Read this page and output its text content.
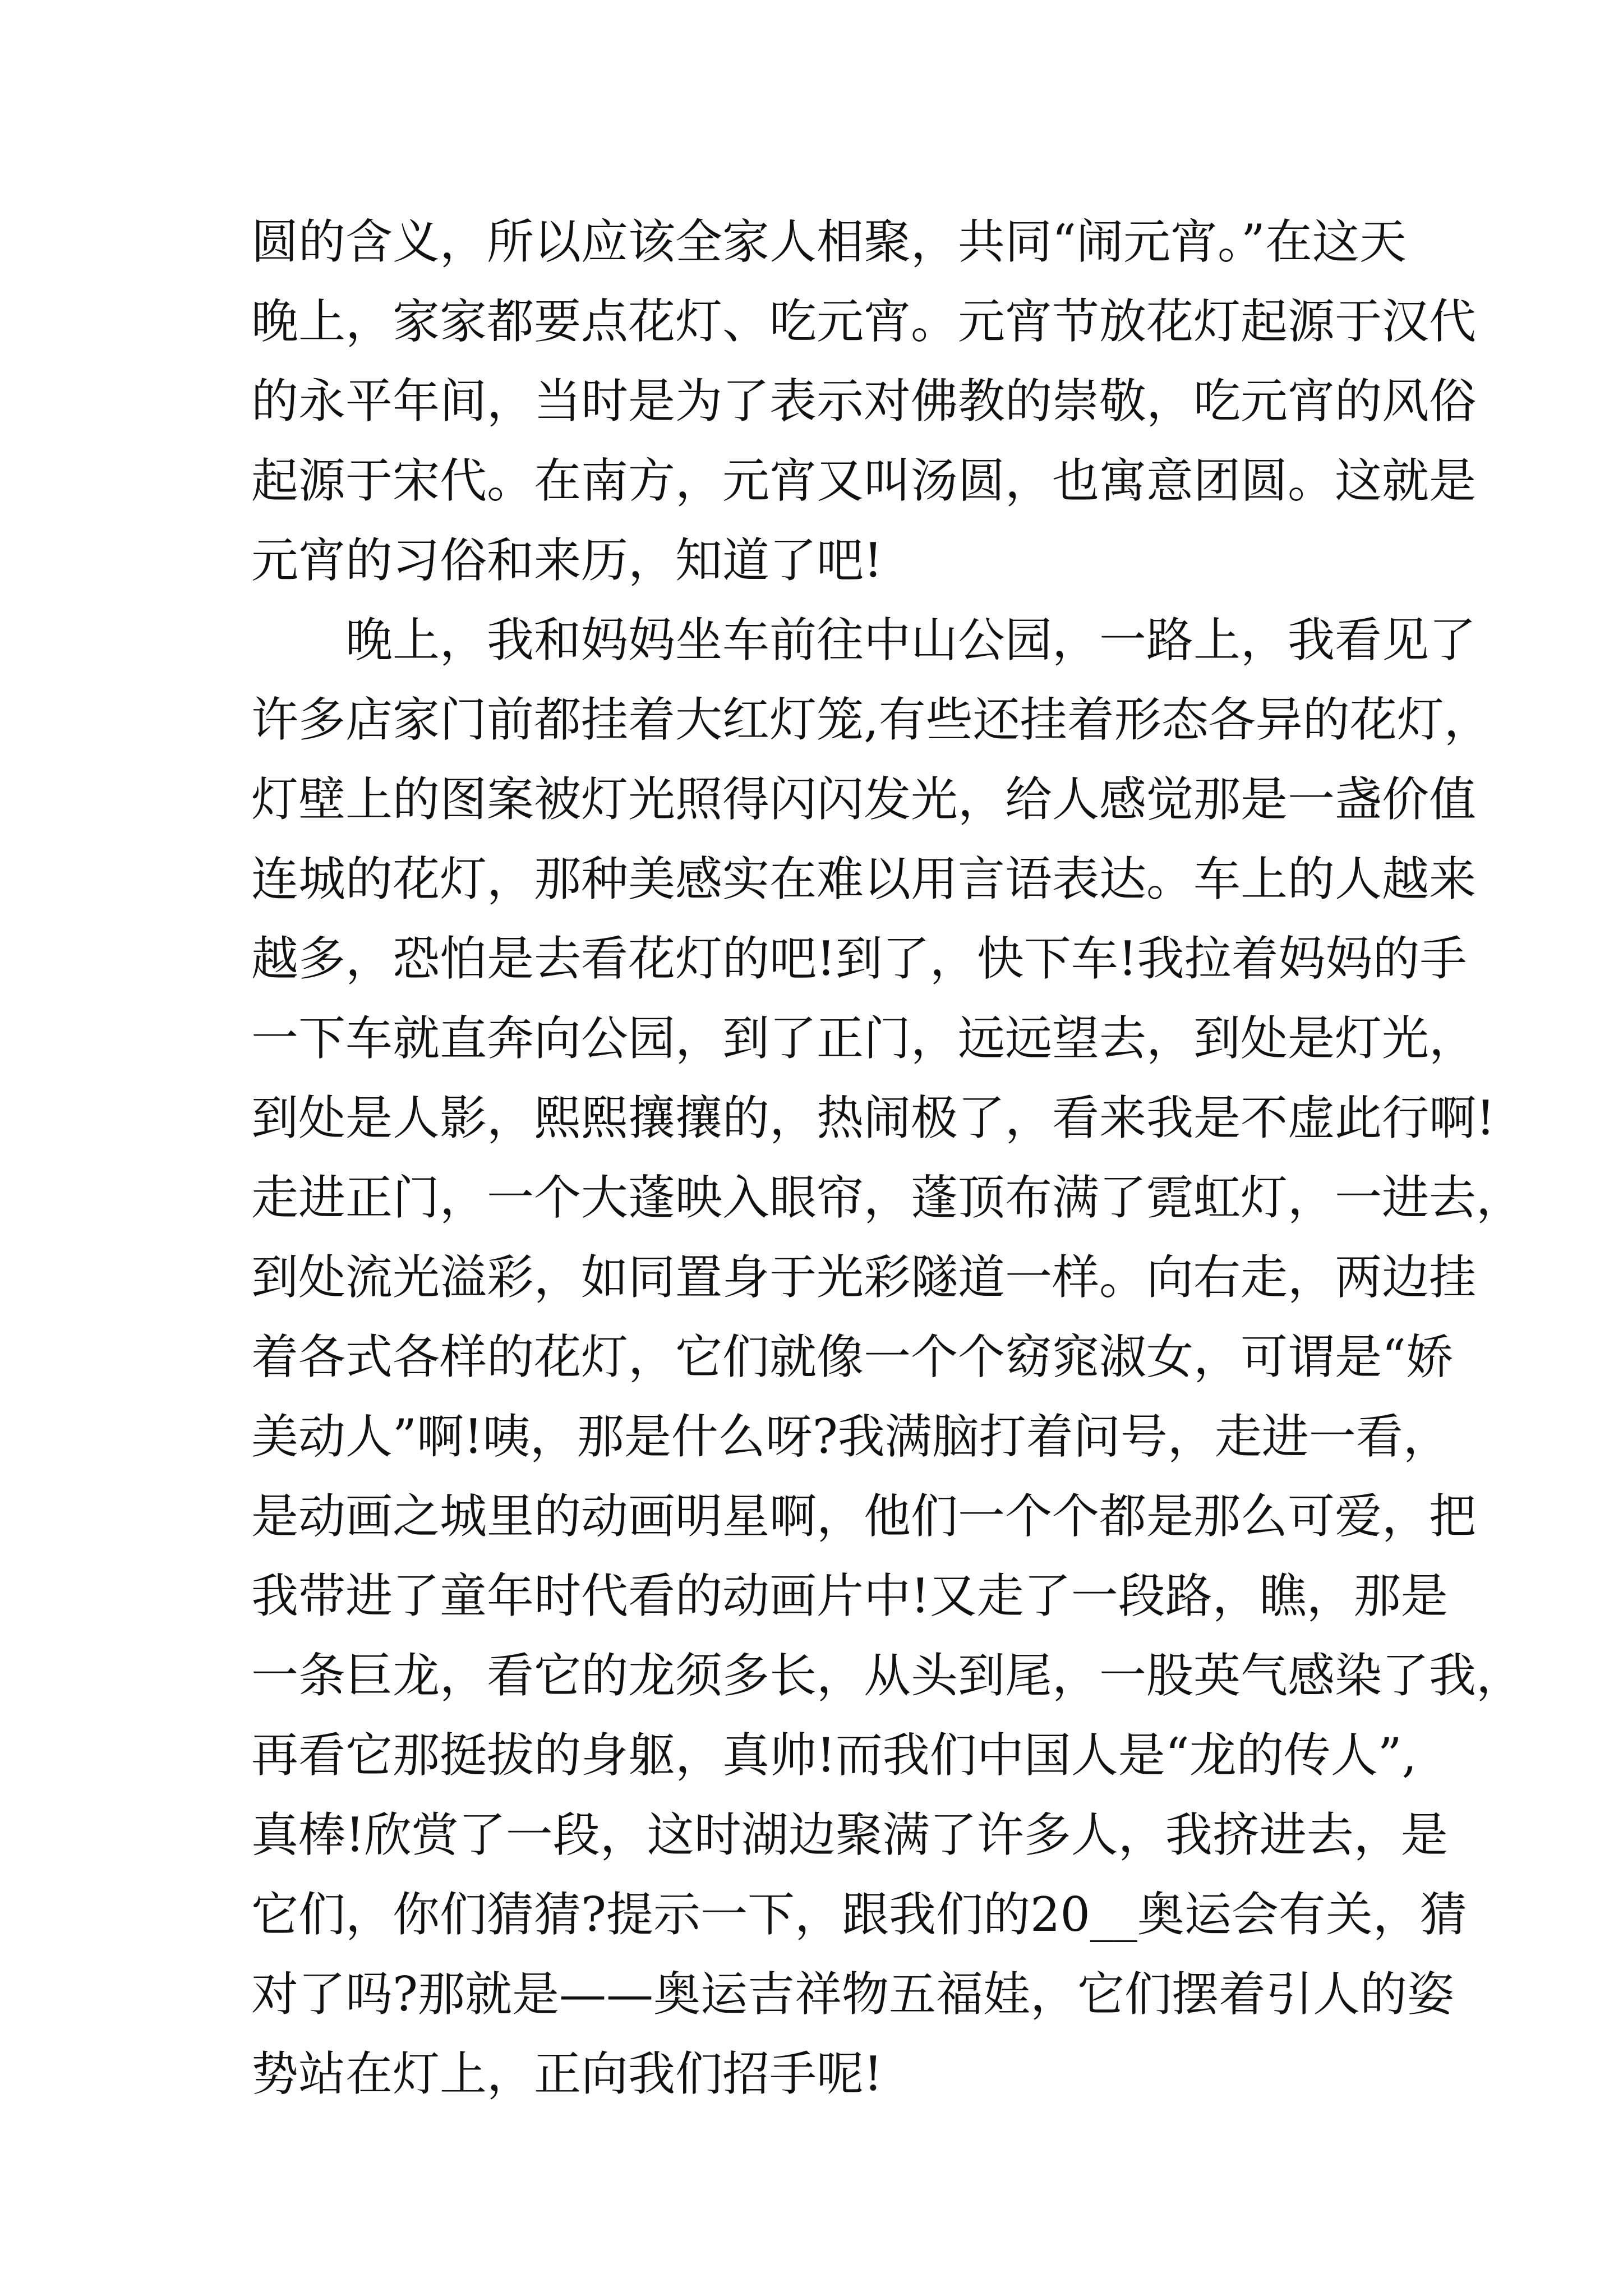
圆的含义，所以应该全家人相聚，共同“闹元宵。”在这天
晚上，家家都要点花灯、吃元宵。元宵节放花灯起源于汉代
的永平年间，当时是为了表示对佛教的崇敬，吃元宵的风俗
起源于宋代。在南方，元宵又叫汤圆，也寓意团圆。这就是
元宵的习俗和来历，知道了吧!
晚上，我和妈妈坐车前往中山公园，一路上，我看见了
许多店家门前都挂着大红灯笼,有些还挂着形态各异的花灯，
灯壁上的图案被灯光照得闪闪发光，给人感觉那是一盏价值
连城的花灯，那种美感实在难以用言语表达。车上的人越来
越多，恐怕是去看花灯的吧!到了，快下车!我拉着妈妈的手
一下车就直奔向公园，到了正门，远远望去，到处是灯光，
到处是人影，熙熙攘攘的，热闹极了，看来我是不虚此行啊!
走进正门，一个大蓬映入眼帘，蓬顶布满了霓虹灯，一进去，
到处流光溢彩，如同置身于光彩隧道一样。向右走，两边挂
着各式各样的花灯，它们就像一个个窈窕淑女，可谓是“娇
美动人”啊!咦，那是什么呀?我满脑打着问号，走进一看，
是动画之城里的动画明星啊，他们一个个都是那么可爱，把
我带进了童年时代看的动画片中!又走了一段路，瞧，那是
一条巨龙，看它的龙须多长，从头到尾，一股英气感染了我，
再看它那挺拔的身躯，真帅!而我们中国人是“龙的传人”,
真棒!欣赏了一段，这时湖边聚满了许多人，我挤进去，是
它们，你们猜猜?提示一下，跟我们的20__奥运会有关，猜
对了吗?那就是——奥运吉祥物五福娃，它们摆着引人的姿
势站在灯上，正向我们招手呢!
